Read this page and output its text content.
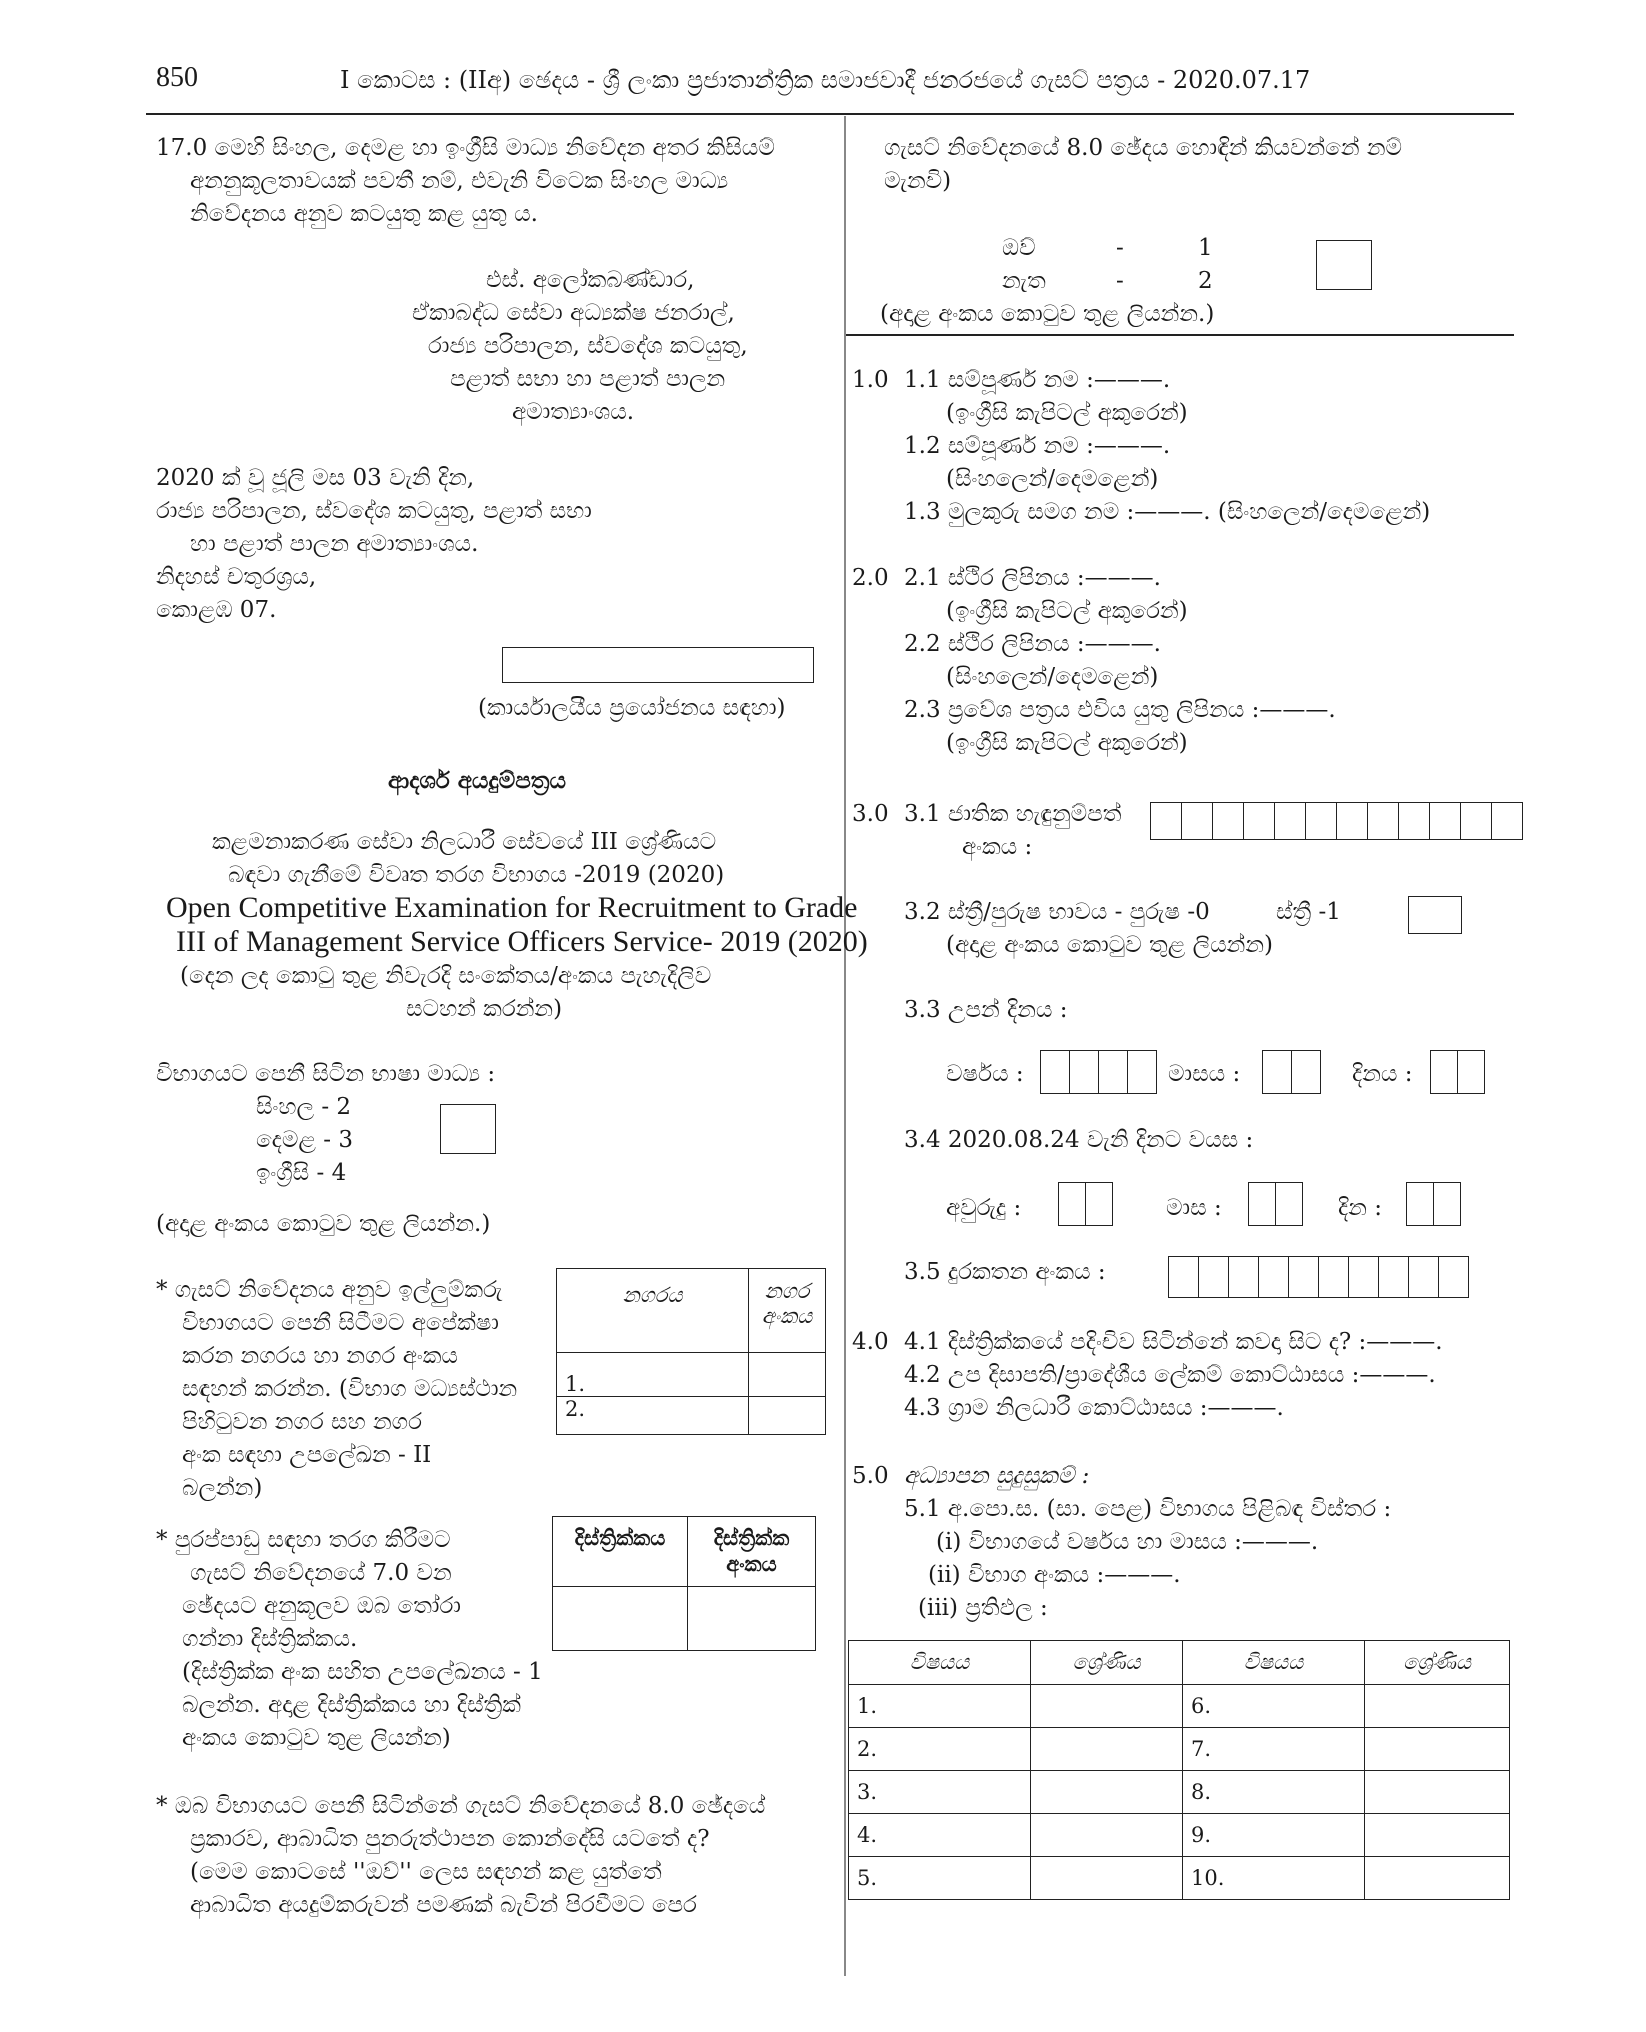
850	I කොටස : (IIඅ) ඡෙදය - ශ්‍රී ලංකා ප්‍රජාතාන්ත්‍රික සමාජවාදී ජනරජයේ ගැසට් පත්‍රය - 2020.07.17
17.0 මෙහි සිංහල, දෙමළ හා ඉංග්‍රීසි මාධ්‍ය නිවේදන අතර කිසියම්
අනනුකූලතාවයක් පවතී නම්, එවැනි විටෙක සිංහල මාධ්‍ය
නිවේදනය අනුව කටයුතු කළ යුතු ය.
එස්. අලෝකබණ්ඩාර,
ඒකාබද්ධ සේවා අධ්‍යක්ෂ ජනරාල්,
රාජ්‍ය පරිපාලන, ස්වදේශ කටයුතු,
පළාත් සභා හා පළාත් පාලන
අමාත්‍යාංශය.
2020 ක් වූ ජූලි මස 03 වැනි දින,
රාජ්‍ය පරිපාලන, ස්වදේශ කටයුතු, පළාත් සභා
හා පළාත් පාලන අමාත්‍යාංශය.
නිදහස් චතුරශ්‍රය,
කොළඹ 07.
(කාර්යාලයීය ප්‍රයෝජනය සඳහා)
ආදර්ශ අයදුම්පත්‍රය
කළමනාකරණ සේවා නිලධාරී සේවයේ III ශ්‍රේණියට
බඳවා ගැනීමේ විවෘත තරග විභාගය -2019 (2020)
Open Competitive Examination for Recruitment to Grade
III of Management Service Officers Service- 2019 (2020)
(දෙන ලද කොටු තුළ නිවැරදි සංකේතය/අංකය පැහැදිලිව
සටහන් කරන්න)
විභාගයට පෙනී සිටින භාෂා මාධ්‍ය :
සිංහල - 2
දෙමළ - 3
ඉංග්‍රීසි - 4
(අදාළ අංකය කොටුව තුළ ලියන්න.)
* ගැසට් නිවේදනය අනුව ඉල්ලුම්කරු
විභාගයට පෙනී සිටීමට අපේක්ෂා
කරන නගරය හා නගර අංකය
සඳහන් කරන්න. (විභාග මධ්‍යස්ථාන
පිහිටුවන නගර සහ නගර
අංක සඳහා උපලේඛන - II
බලන්න)
නගරය	නගර අංකය
1.	
2.	
* පුරප්පාඩු සඳහා තරග කිරීමට
ගැසට් නිවේදනයේ 7.0 වන
ඡේදයට අනුකූලව ඔබ තෝරා
ගන්නා දිස්ත්‍රික්කය.
(දිස්ත්‍රික්ක අංක සහිත උපලේඛනය - 1
බලන්න. අදාළ දිස්ත්‍රික්කය හා දිස්ත්‍රික්
අංකය කොටුව තුළ ලියන්න)
දිස්ත්‍රික්කය	දිස්ත්‍රික්ක අංකය

* ඔබ විභාගයට පෙනී සිටින්නේ ගැසට් නිවේදනයේ 8.0 ඡේදයේ
ප්‍රකාරව, ආබාධිත පුනරුත්ථාපන කොන්දේසි යටතේ ද?
(මෙම කොටසේ ''ඔව්'' ලෙස සඳහන් කළ යුත්තේ
ආබාධිත අයදුම්කරුවන් පමණක් බැවින් පිරවීමට පෙර
ගැසට් නිවේදනයේ 8.0 ඡේදය හොඳින් කියවන්නේ නම්
මැනවි)
ඔව්	-	1
නැත	-	2
(අදාළ අංකය කොටුව තුළ ලියන්න.)
1.0 1.1 සම්පූර්ණ නම :———.
(ඉංග්‍රීසි කැපිටල් අකුරෙන්)
1.2 සම්පූර්ණ නම :———.
(සිංහලෙන්/දෙමළෙන්)
1.3 මුලකුරු සමග නම :———. (සිංහලෙන්/දෙමළෙන්)
2.0 2.1 ස්ථිර ලිපිනය :———.
(ඉංග්‍රීසි කැපිටල් අකුරෙන්)
2.2 ස්ථිර ලිපිනය :———.
(සිංහලෙන්/දෙමළෙන්)
2.3 ප්‍රවේශ පත්‍රය එවිය යුතු ලිපිනය :———.
(ඉංග්‍රීසි කැපිටල් අකුරෙන්)
3.0 3.1 ජාතික හැඳුනුම්පත්
අංකය :
3.2 ස්ත්‍රී/පුරුෂ භාවය - පුරුෂ -0	ස්ත්‍රී -1
(අදාළ අංකය කොටුව තුළ ලියන්න)
3.3 උපන් දිනය :
වර්ෂය :	මාසය :	දිනය :
3.4 2020.08.24 වැනි දිනට වයස :
අවුරුදු :	මාස :	දින :
3.5 දුරකතන අංකය :
4.0 4.1 දිස්ත්‍රික්කයේ පදිංචිව සිටින්නේ කවදා සිට ද? :———.
4.2 උප දිසාපති/ප්‍රාදේශීය ලේකම් කොට්ඨාසය :———.
4.3 ග්‍රාම නිලධාරී කොට්ඨාසය :———.
5.0 අධ්‍යාපන සුදුසුකම් :
5.1 අ.පො.ස. (සා. පෙළ) විභාගය පිළිබඳ විස්තර :
(i) විභාගයේ වර්ෂය හා මාසය :———.
(ii) විභාග අංකය :———.
(iii) ප්‍රතිඵල :
විෂයය	ශ්‍රේණිය	විෂයය	ශ්‍රේණිය
1.		6.	
2.		7.	
3.		8.	
4.		9.	
5.		10.	
